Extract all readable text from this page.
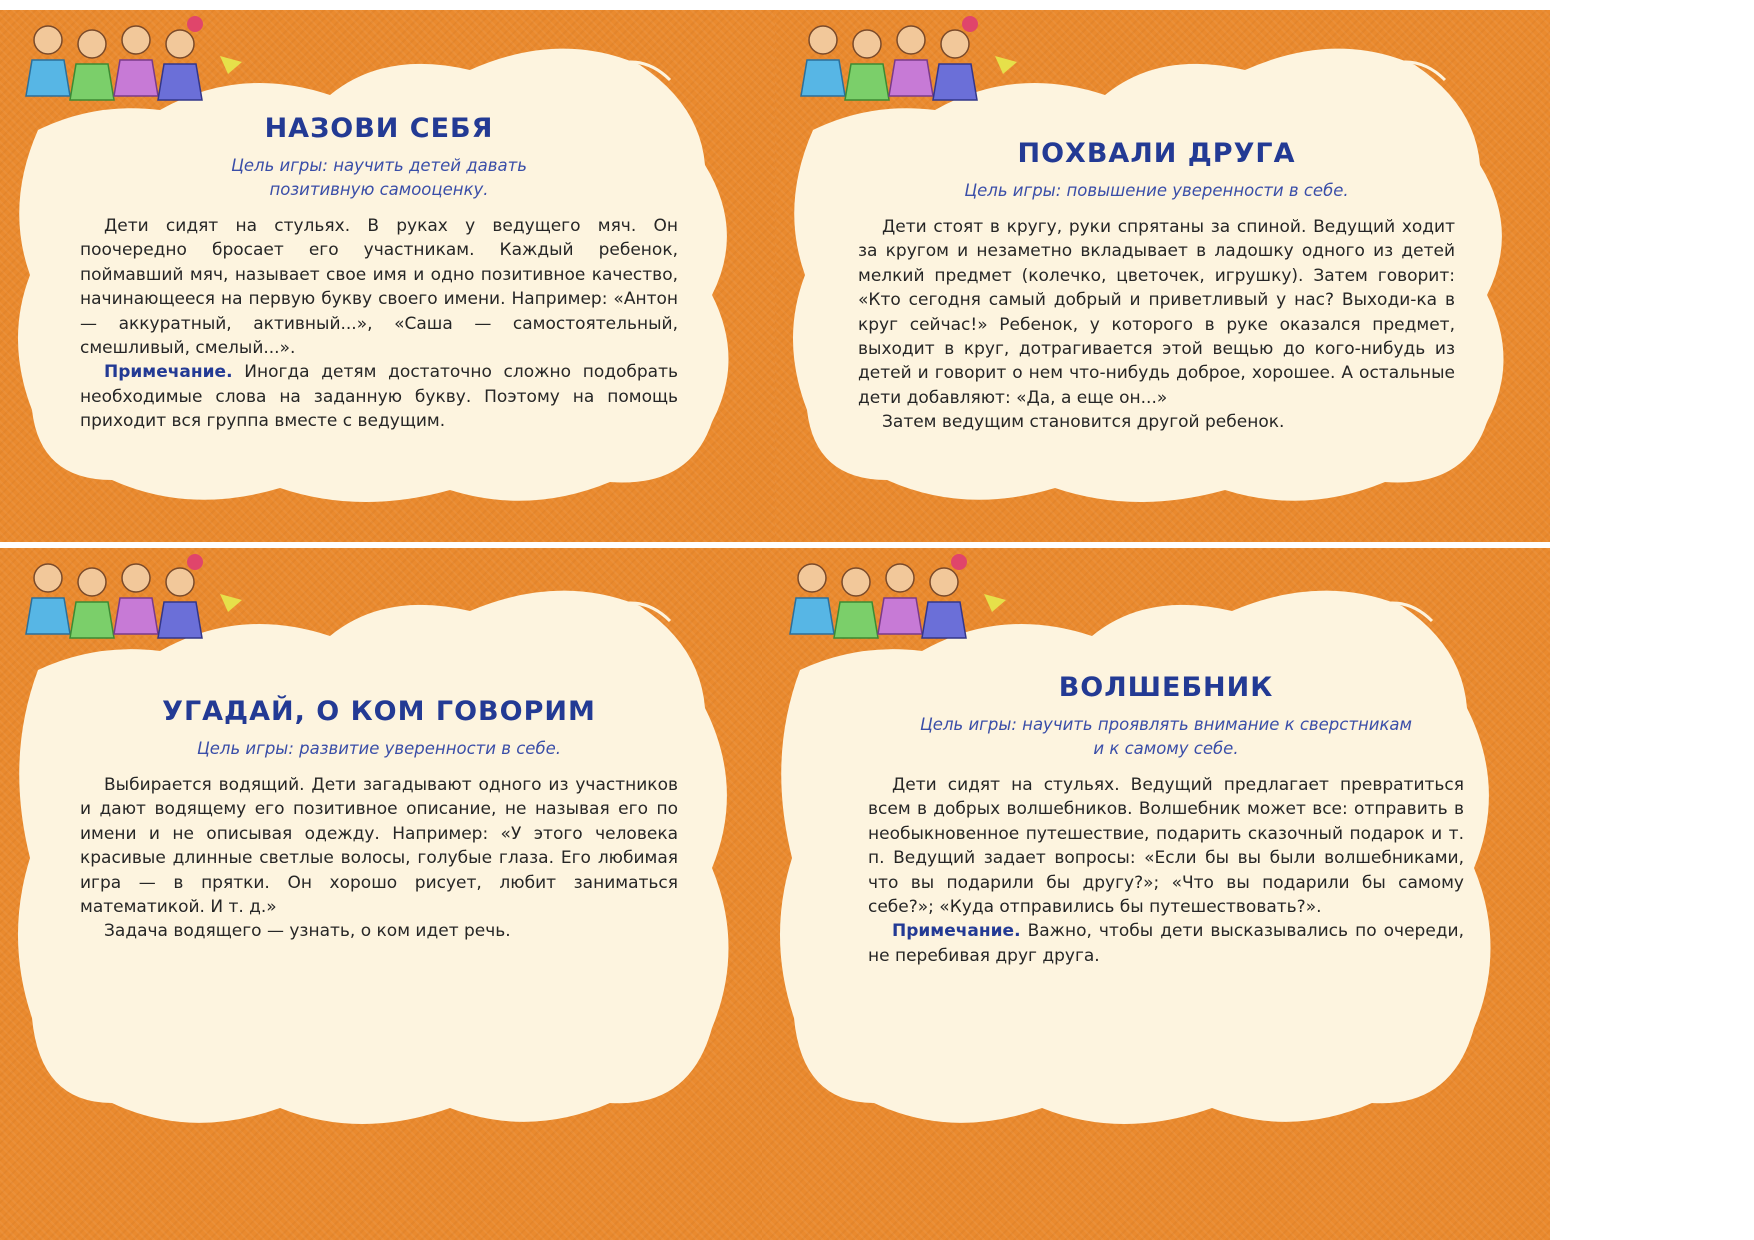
НАЗОВИ СЕБЯ
Цель игры: научить детей давать
позитивную самооценку.

Дети сидят на стульях. В руках у ведущего мяч. Он поочередно бросает его участникам. Каждый ребенок, поймавший мяч, называет свое имя и одно позитивное качество, начинающееся на первую букву своего имени. Например: «Антон — аккуратный, активный...», «Саша — самостоятельный, смешливый, смелый...».

Примечание. Иногда детям достаточно сложно подобрать необходимые слова на заданную букву. Поэтому на помощь приходит вся группа вместе с ведущим.

ПОХВАЛИ ДРУГА
Цель игры: повышение уверенности в себе.

Дети стоят в кругу, руки спрятаны за спиной. Ведущий ходит за кругом и незаметно вкладывает в ладошку одного из детей мелкий предмет (колечко, цветочек, игрушку). Затем говорит: «Кто сегодня самый добрый и приветливый у нас? Выходи-ка в круг сейчас!» Ребенок, у которого в руке оказался предмет, выходит в круг, дотрагивается этой вещью до кого-нибудь из детей и говорит о нем что-нибудь доброе, хорошее. А остальные дети добавляют: «Да, а еще он...»

Затем ведущим становится другой ребенок.

УГАДАЙ, О КОМ ГОВОРИМ
Цель игры: развитие уверенности в себе.

Выбирается водящий. Дети загадывают одного из участников и дают водящему его позитивное описание, не называя его по имени и не описывая одежду. Например: «У этого человека красивые длинные светлые волосы, голубые глаза. Его любимая игра — в прятки. Он хорошо рисует, любит заниматься математикой. И т. д.»

Задача водящего — узнать, о ком идет речь.

ВОЛШЕБНИК
Цель игры: научить проявлять внимание к сверстникам
и к самому себе.

Дети сидят на стульях. Ведущий предлагает превратиться всем в добрых волшебников. Волшебник может все: отправить в необыкновенное путешествие, подарить сказочный подарок и т. п. Ведущий задает вопросы: «Если бы вы были волшебниками, что вы подарили бы другу?»; «Что вы подарили бы самому себе?»; «Куда отправились бы путешествовать?».

Примечание. Важно, чтобы дети высказывались по очереди, не перебивая друг друга.
